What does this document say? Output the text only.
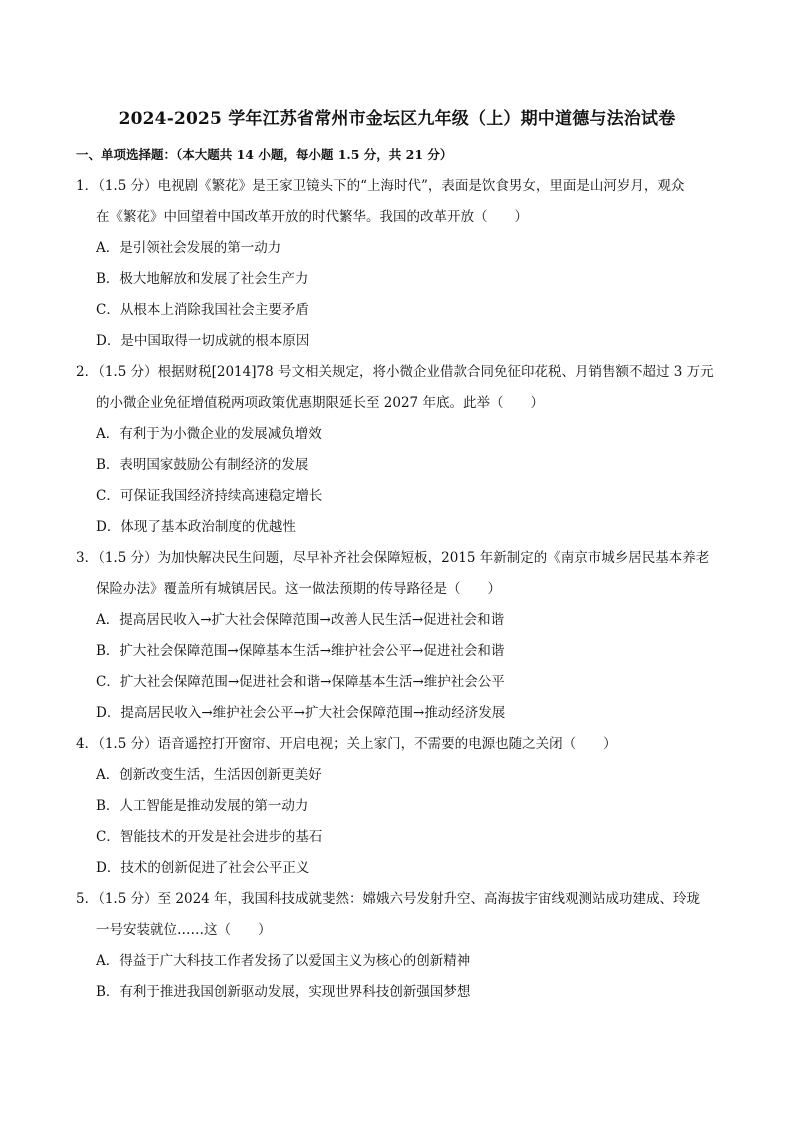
2024-2025 学年江苏省常州市金坛区九年级（上）期中道德与法治试卷
一、单项选择题：（本大题共 14 小题，每小题 1.5 分，共 21 分）
1．（1.5 分）电视剧《繁花》是王家卫镜头下的“上海时代”，表面是饮食男女，里面是山河岁月，观众
在《繁花》中回望着中国改革开放的时代繁华。我国的改革开放（　　）
A．是引领社会发展的第一动力
B．极大地解放和发展了社会生产力
C．从根本上消除我国社会主要矛盾
D．是中国取得一切成就的根本原因
2．（1.5 分）根据财税[2014]78 号文相关规定，将小微企业借款合同免征印花税、月销售额不超过 3 万元
的小微企业免征增值税两项政策优惠期限延长至 2027 年底。此举（　　）
A．有利于为小微企业的发展减负增效
B．表明国家鼓励公有制经济的发展
C．可保证我国经济持续高速稳定增长
D．体现了基本政治制度的优越性
3．（1.5 分）为加快解决民生问题，尽早补齐社会保障短板，2015 年新制定的《南京市城乡居民基本养老
保险办法》覆盖所有城镇居民。这一做法预期的传导路径是（　　）
A．提高居民收入→扩大社会保障范围→改善人民生活→促进社会和谐
B．扩大社会保障范围→保障基本生活→维护社会公平→促进社会和谐
C．扩大社会保障范围→促进社会和谐→保障基本生活→维护社会公平
D．提高居民收入→维护社会公平→扩大社会保障范围→推动经济发展
4．（1.5 分）语音遥控打开窗帘、开启电视；关上家门，不需要的电源也随之关闭（　　）
A．创新改变生活，生活因创新更美好
B．人工智能是推动发展的第一动力
C．智能技术的开发是社会进步的基石
D．技术的创新促进了社会公平正义
5．（1.5 分）至 2024 年，我国科技成就斐然：嫦娥六号发射升空、高海拔宇宙线观测站成功建成、玲珑
一号安装就位……这（　　）
A．得益于广大科技工作者发扬了以爱国主义为核心的创新精神
B．有利于推进我国创新驱动发展，实现世界科技创新强国梦想
